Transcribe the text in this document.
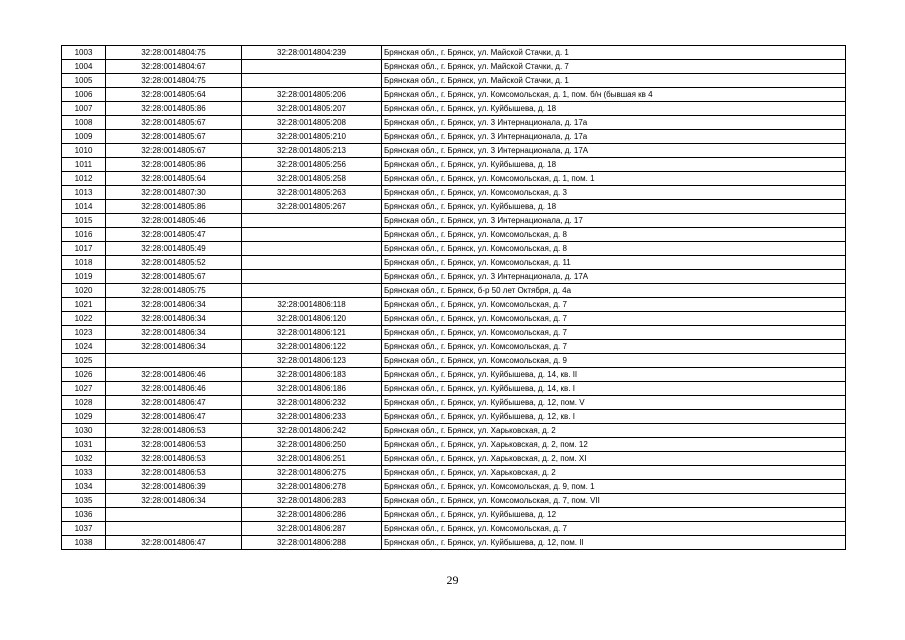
1003	32:28:0014804:75	32:28:0014804:239	Брянская обл., г. Брянск, ул. Майской Стачки, д. 1
1004	32:28:0014804:67		Брянская обл., г. Брянск, ул. Майской Стачки, д. 7
1005	32:28:0014804:75		Брянская обл., г. Брянск, ул. Майской Стачки, д. 1
1006	32:28:0014805:64	32:28:0014805:206	Брянская обл., г. Брянск, ул. Комсомольская, д. 1, пом. б/н (бывшая кв 4
1007	32:28:0014805:86	32:28:0014805:207	Брянская обл., г. Брянск, ул. Куйбышева, д. 18
1008	32:28:0014805:67	32:28:0014805:208	Брянская обл., г. Брянск, ул. 3 Интернационала, д. 17а
1009	32:28:0014805:67	32:28:0014805:210	Брянская обл., г. Брянск, ул. 3 Интернационала, д. 17а
1010	32:28:0014805:67	32:28:0014805:213	Брянская обл., г. Брянск, ул. 3 Интернационала, д. 17А
1011	32:28:0014805:86	32:28:0014805:256	Брянская обл., г. Брянск, ул. Куйбышева, д. 18
1012	32:28:0014805:64	32:28:0014805:258	Брянская обл., г. Брянск, ул. Комсомольская, д. 1, пом. 1
1013	32:28:0014807:30	32:28:0014805:263	Брянская обл., г. Брянск, ул. Комсомольская, д. 3
1014	32:28:0014805:86	32:28:0014805:267	Брянская обл., г. Брянск, ул. Куйбышева, д. 18
1015	32:28:0014805:46		Брянская обл., г. Брянск, ул. 3 Интернационала, д. 17
1016	32:28:0014805:47		Брянская обл., г. Брянск, ул. Комсомольская, д. 8
1017	32:28:0014805:49		Брянская обл., г. Брянск, ул. Комсомольская, д. 8
1018	32:28:0014805:52		Брянская обл., г. Брянск, ул. Комсомольская, д. 11
1019	32:28:0014805:67		Брянская обл., г. Брянск, ул. 3 Интернационала, д. 17А
1020	32:28:0014805:75		Брянская обл., г. Брянск, б-р 50 лет Октября, д. 4а
1021	32:28:0014806:34	32:28:0014806:118	Брянская обл., г. Брянск, ул. Комсомольская, д. 7
1022	32:28:0014806:34	32:28:0014806:120	Брянская обл., г. Брянск, ул. Комсомольская, д. 7
1023	32:28:0014806:34	32:28:0014806:121	Брянская обл., г. Брянск, ул. Комсомольская, д. 7
1024	32:28:0014806:34	32:28:0014806:122	Брянская обл., г. Брянск, ул. Комсомольская, д. 7
1025		32:28:0014806:123	Брянская обл., г. Брянск, ул. Комсомольская, д. 9
1026	32:28:0014806:46	32:28:0014806:183	Брянская обл., г. Брянск, ул. Куйбышева, д. 14, кв. II
1027	32:28:0014806:46	32:28:0014806:186	Брянская обл., г. Брянск, ул. Куйбышева, д. 14, кв. I
1028	32:28:0014806:47	32:28:0014806:232	Брянская обл., г. Брянск, ул. Куйбышева, д. 12, пом. V
1029	32:28:0014806:47	32:28:0014806:233	Брянская обл., г. Брянск, ул. Куйбышева, д. 12, кв. I
1030	32:28:0014806:53	32:28:0014806:242	Брянская обл., г. Брянск, ул. Харьковская, д. 2
1031	32:28:0014806:53	32:28:0014806:250	Брянская обл., г. Брянск, ул. Харьковская, д. 2, пом. 12
1032	32:28:0014806:53	32:28:0014806:251	Брянская обл., г. Брянск, ул. Харьковская, д. 2, пом. XI
1033	32:28:0014806:53	32:28:0014806:275	Брянская обл., г. Брянск, ул. Харьковская, д. 2
1034	32:28:0014806:39	32:28:0014806:278	Брянская обл., г. Брянск, ул. Комсомольская, д. 9, пом. 1
1035	32:28:0014806:34	32:28:0014806:283	Брянская обл., г. Брянск, ул. Комсомольская, д. 7, пом. VII
1036		32:28:0014806:286	Брянская обл., г. Брянск, ул. Куйбышева, д. 12
1037		32:28:0014806:287	Брянская обл., г. Брянск, ул. Комсомольская, д. 7
1038	32:28:0014806:47	32:28:0014806:288	Брянская обл., г. Брянск, ул. Куйбышева, д. 12, пом. II
29
